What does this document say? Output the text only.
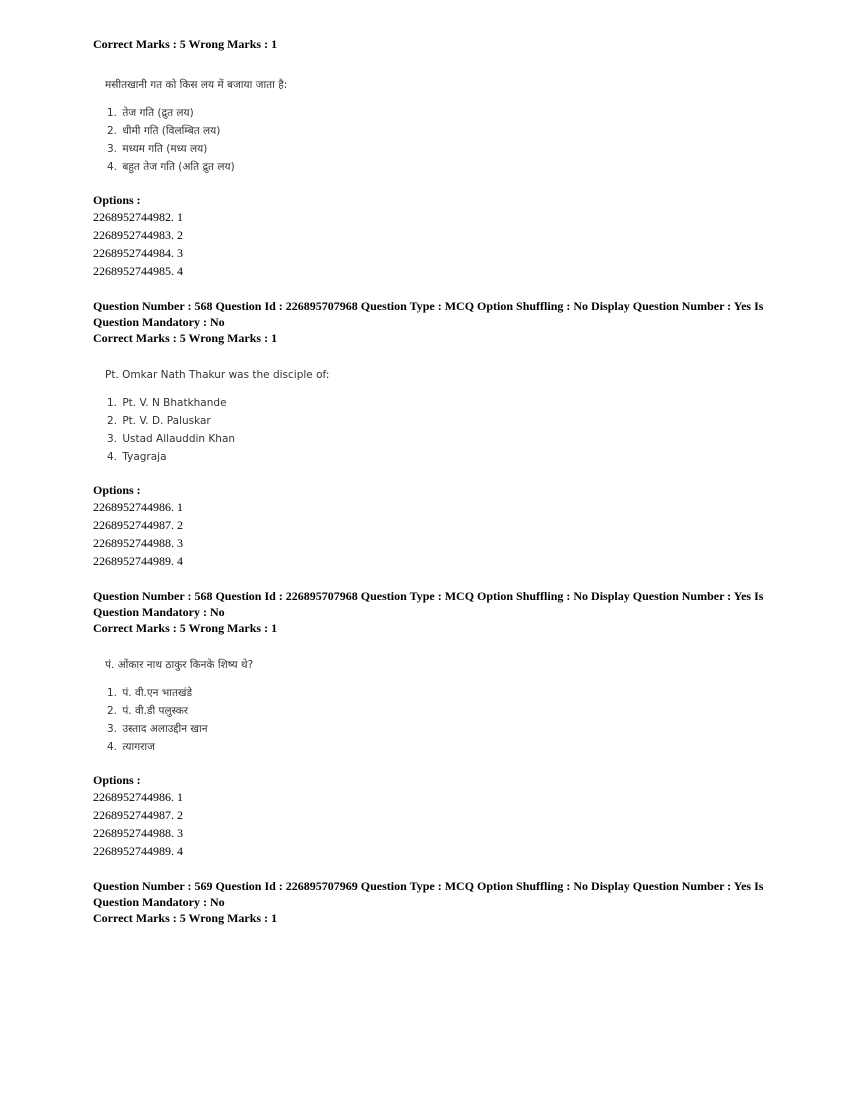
Correct Marks : 5 Wrong Marks : 1

मसीतखानी गत को किस लय में बजाया जाता है:

1. तेज गति (द्रुत लय)
2. धीमी गति (विलम्बित लय)
3. मध्यम गति (मध्य लय)
4. बहुत तेज गति (अति द्रुत लय)

Options :

2268952744982. 1

2268952744983. 2

2268952744984. 3

2268952744985. 4

Question Number : 568 Question Id : 226895707968 Question Type : MCQ Option Shuffling : No Display Question Number : Yes Is Question Mandatory : No

Correct Marks : 5 Wrong Marks : 1

Pt. Omkar Nath Thakur was the disciple of:

1. Pt. V. N Bhatkhande
2. Pt. V. D. Paluskar
3. Ustad Allauddin Khan
4. Tyagraja

Options :

2268952744986. 1

2268952744987. 2

2268952744988. 3

2268952744989. 4

Question Number : 568 Question Id : 226895707968 Question Type : MCQ Option Shuffling : No Display Question Number : Yes Is Question Mandatory : No

Correct Marks : 5 Wrong Marks : 1

पं. ओंकार नाथ ठाकुर किनके शिष्य थे?

1. पं. वी.एन भातखंडे
2. पं. वी.डी पलुस्कर
3. उस्ताद अलाउद्दीन खान
4. त्यागराज

Options :

2268952744986. 1

2268952744987. 2

2268952744988. 3

2268952744989. 4

Question Number : 569 Question Id : 226895707969 Question Type : MCQ Option Shuffling : No Display Question Number : Yes Is Question Mandatory : No

Correct Marks : 5 Wrong Marks : 1
